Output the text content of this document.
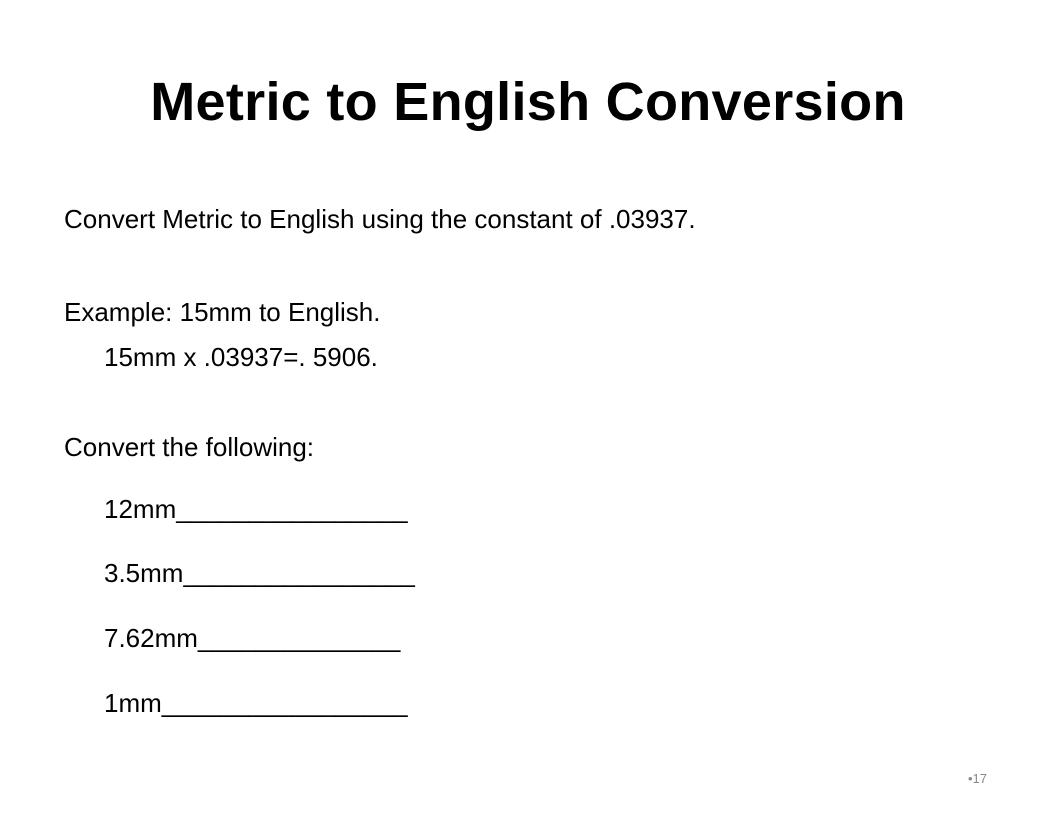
Metric to English Conversion
Convert Metric to English using the constant of .03937.
Example: 15mm to English.
15mm x .03937=. 5906.
Convert the following:
12mm________________
3.5mm________________
7.62mm______________
1mm_________________
•17
